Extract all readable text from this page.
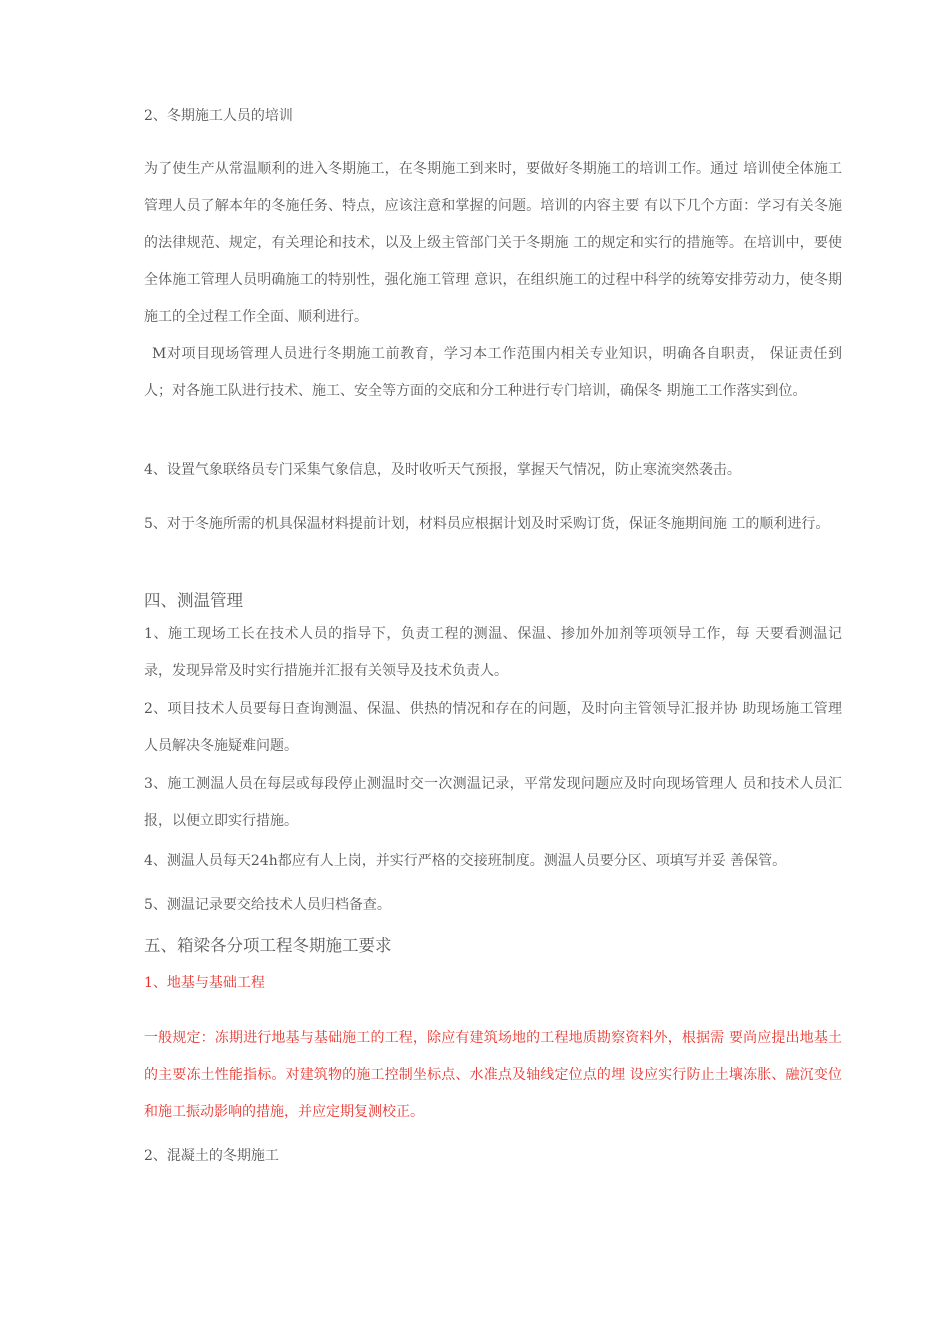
2、冬期施工人员的培训
为了使生产从常温顺利的进入冬期施工，在冬期施工到来时，要做好冬期施工的培训工作。通过 培训使全体施工管理人员了解本年的冬施任务、特点，应该注意和掌握的问题。培训的内容主要 有以下几个方面：学习有关冬施的法律规范、规定，有关理论和技术，以及上级主管部门关于冬期施 工的规定和实行的措施等。在培训中，要使全体施工管理人员明确施工的特别性，强化施工管理 意识，在组织施工的过程中科学的统筹安排劳动力，使冬期施工的全过程工作全面、顺利进行。
M对项目现场管理人员进行冬期施工前教育，学习本工作范围内相关专业知识，明确各自职责， 保证责任到人；对各施工队进行技术、施工、安全等方面的交底和分工种进行专门培训，确保冬 期施工工作落实到位。
4、设置气象联络员专门采集气象信息，及时收听天气预报，掌握天气情况，防止寒流突然袭击。
5、对于冬施所需的机具保温材料提前计划，材料员应根据计划及时采购订货，保证冬施期间施 工的顺利进行。
四、测温管理
1、施工现场工长在技术人员的指导下，负责工程的测温、保温、掺加外加剂等项领导工作，每 天要看测温记录，发现异常及时实行措施并汇报有关领导及技术负责人。
2、项目技术人员要每日查询测温、保温、供热的情况和存在的问题，及时向主管领导汇报并协 助现场施工管理人员解决冬施疑难问题。
3、施工测温人员在每层或每段停止测温时交一次测温记录，平常发现问题应及时向现场管理人 员和技术人员汇报，以便立即实行措施。
4、测温人员每天24h都应有人上岗，并实行严格的交接班制度。测温人员要分区、项填写并妥 善保管。
5、测温记录要交给技术人员归档备查。
五、箱梁各分项工程冬期施工要求
1、地基与基础工程
一般规定：冻期进行地基与基础施工的工程，除应有建筑场地的工程地质勘察资料外，根据需 要尚应提出地基土的主要冻土性能指标。对建筑物的施工控制坐标点、水准点及轴线定位点的埋 设应实行防止土壤冻胀、融沉变位和施工振动影响的措施，并应定期复测校正。
2、混凝土的冬期施工
